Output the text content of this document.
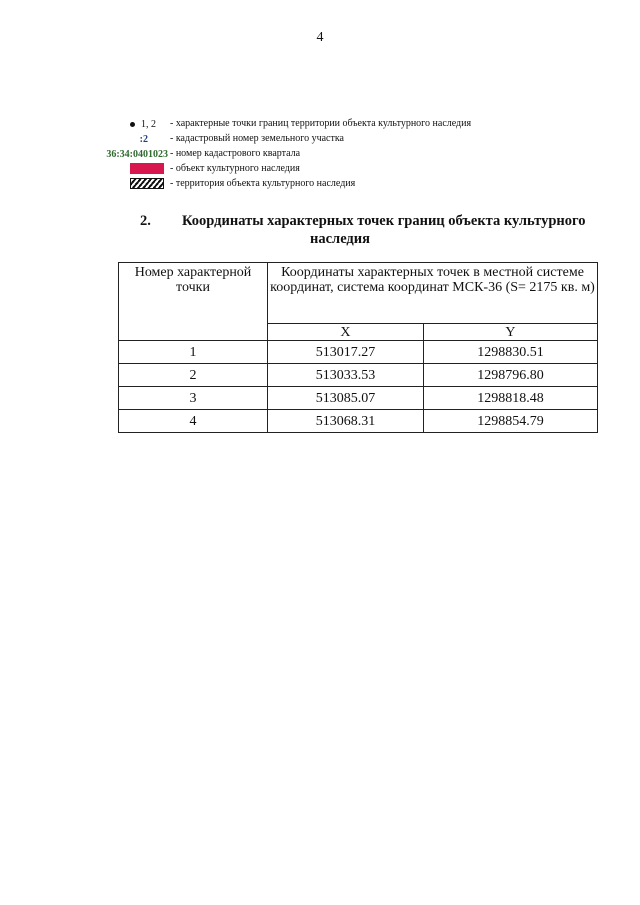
4
1, 2 - характерные точки границ территории объекта культурного наследия
:2 - кадастровый номер земельного участка
36:34:0401023 - номер кадастрового квартала
- объект культурного наследия
- территория объекта культурного наследия
2. Координаты характерных точек границ объекта культурного
наследия
Номер характерной точки	Координаты характерных точек в местной системе координат, система координат МСК-36 (S= 2175 кв. м)	
	X	Y
1	513017.27	1298830.51
2	513033.53	1298796.80
3	513085.07	1298818.48
4	513068.31	1298854.79
